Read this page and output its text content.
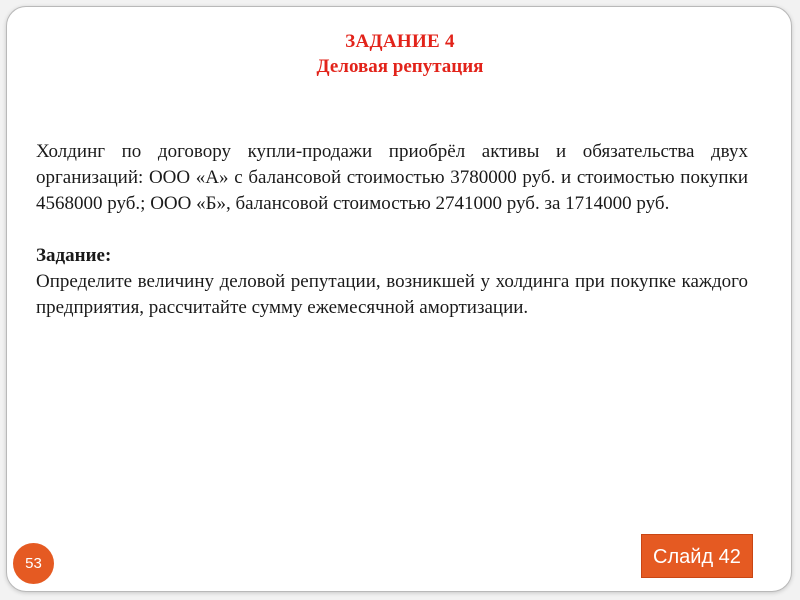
ЗАДАНИЕ 4
Деловая репутация

Холдинг по договору купли-продажи приобрёл активы и обязательства двух организаций: ООО «А» с балансовой стоимостью 3780000 руб. и стоимостью покупки 4568000 руб.; ООО «Б», балансовой стоимостью 2741000 руб. за 1714000 руб.

Задание:

Определите величину деловой репутации, возникшей у холдинга при покупке каждого предприятия, рассчитайте сумму ежемесячной амортизации.

53	Слайд 42
